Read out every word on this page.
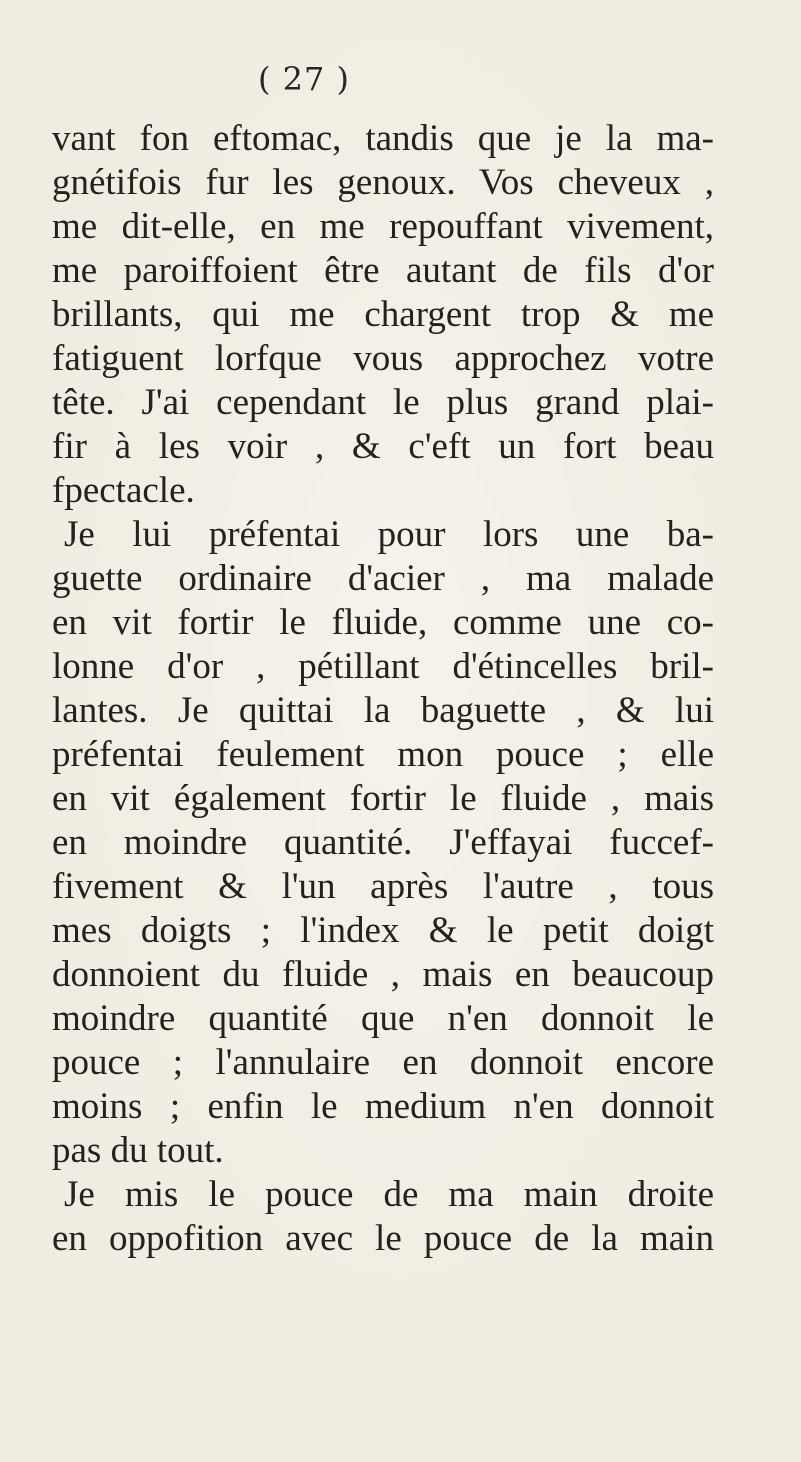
( 27 )
vant fon eftomac, tandis que je la ma-
gnétifois fur les genoux. Vos cheveux ,
me dit-elle, en me repouffant vivement,
me paroiffoient être autant de fils d'or
brillants, qui me chargent trop & me
fatiguent lorfque vous approchez votre
tête. J'ai cependant le plus grand plai-
fir à les voir , & c'eft un fort beau
fpectacle.
Je lui préfentai pour lors une ba-
guette ordinaire d'acier , ma malade
en vit fortir le fluide, comme une co-
lonne d'or , pétillant d'étincelles bril-
lantes. Je quittai la baguette , & lui
préfentai feulement mon pouce ; elle
en vit également fortir le fluide , mais
en moindre quantité. J'effayai fuccef-
fivement & l'un après l'autre , tous
mes doigts ; l'index & le petit doigt
donnoient du fluide , mais en beaucoup
moindre quantité que n'en donnoit le
pouce ; l'annulaire en donnoit encore
moins ; enfin le medium n'en donnoit
pas du tout.
Je mis le pouce de ma main droite
en oppofition avec le pouce de la main
